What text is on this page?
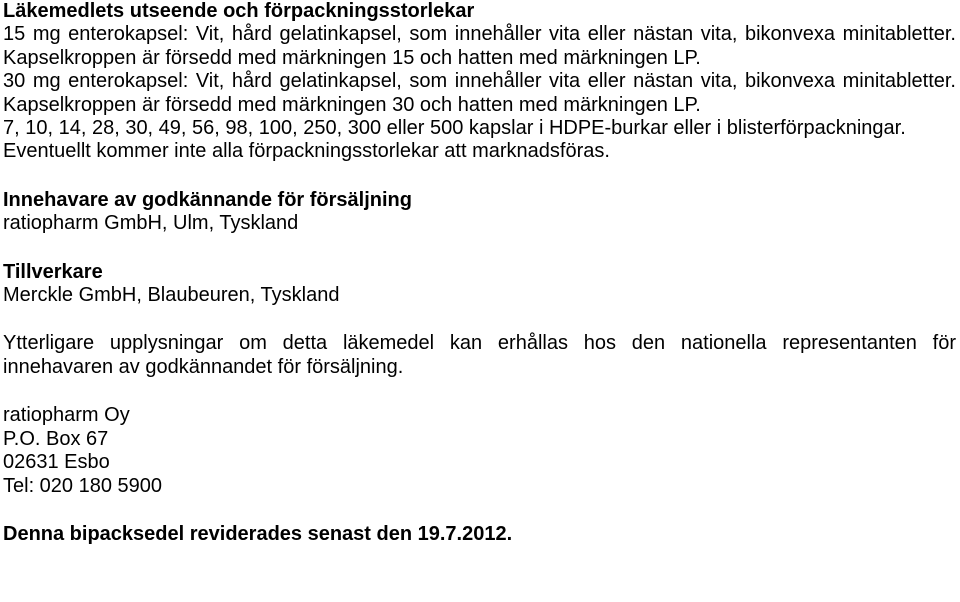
Läkemedlets utseende och förpackningsstorlekar

15 mg enterokapsel: Vit, hård gelatinkapsel, som innehåller vita eller nästan vita, bikonvexa minitabletter. Kapselkroppen är försedd med märkningen 15 och hatten med märkningen LP.

30 mg enterokapsel: Vit, hård gelatinkapsel, som innehåller vita eller nästan vita, bikonvexa minitabletter. Kapselkroppen är försedd med märkningen 30 och hatten med märkningen LP.

7, 10, 14, 28, 30, 49, 56, 98, 100, 250, 300 eller 500 kapslar i HDPE-burkar eller i blisterförpackningar.

Eventuellt kommer inte alla förpackningsstorlekar att marknadsföras.

Innehavare av godkännande för försäljning

ratiopharm GmbH, Ulm, Tyskland

Tillverkare

Merckle GmbH, Blaubeuren, Tyskland

Ytterligare upplysningar om detta läkemedel kan erhållas hos den nationella representanten för innehavaren av godkännandet för försäljning.

ratiopharm Oy
P.O. Box 67
02631 Esbo
Tel: 020 180 5900

Denna bipacksedel reviderades senast den 19.7.2012.
